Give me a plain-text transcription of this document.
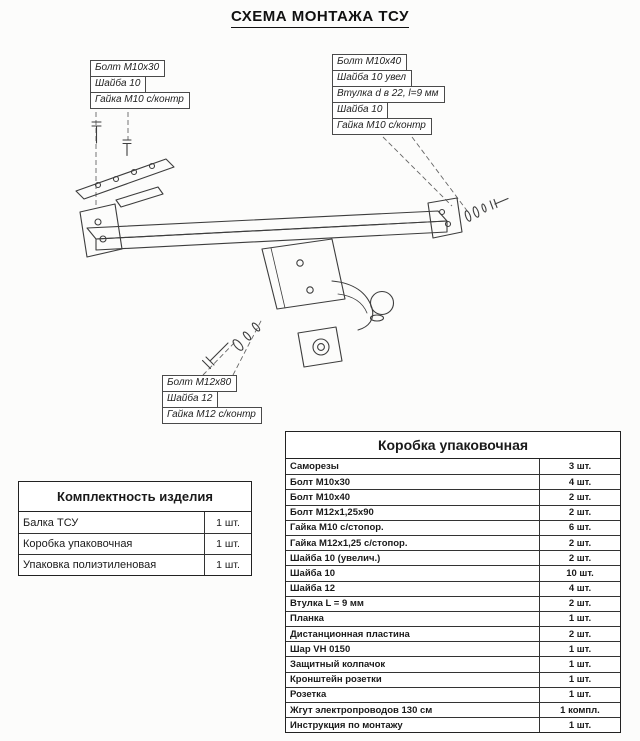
СХЕМА МОНТАЖА ТСУ
Болт М10х30
Шайба 10
Гайка М10 с/контр
Болт М10х40
Шайба 10 увел
Втулка d в 22, l=9 мм
Шайба 10
Гайка М10 с/контр
Болт М12х80
Шайба 12
Гайка М12 с/контр
Комплектность изделия
Балка ТСУ	1 шт.
Коробка упаковочная	1 шт.
Упаковка полиэтиленовая	1 шт.
Коробка упаковочная
Саморезы	3 шт.
Болт М10х30	4 шт.
Болт М10х40	2 шт.
Болт М12х1,25х90	2 шт.
Гайка М10 с/стопор.	6 шт.
Гайка М12х1,25 с/стопор.	2 шт.
Шайба 10 (увелич.)	2 шт.
Шайба 10	10 шт.
Шайба 12	4 шт.
Втулка L = 9 мм	2 шт.
Планка	1 шт.
Дистанционная пластина	2 шт.
Шар VH 0150	1 шт.
Защитный колпачок	1 шт.
Кронштейн розетки	1 шт.
Розетка	1 шт.
Жгут электропроводов 130 см	1 компл.
Инструкция по монтажу	1 шт.
